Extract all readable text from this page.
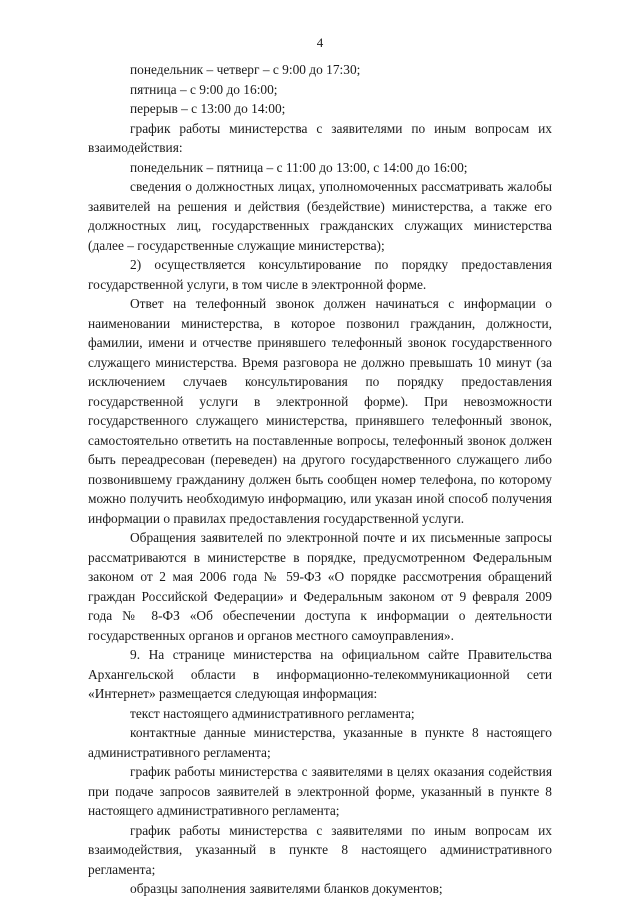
4

понедельник – четверг – с 9:00 до 17:30;

пятница – с 9:00 до 16:00;

перерыв – с 13:00 до 14:00;

график работы министерства с заявителями по иным вопросам их взаимодействия:

понедельник – пятница – с 11:00 до 13:00, с 14:00 до 16:00;

сведения о должностных лицах, уполномоченных рассматривать жалобы заявителей на решения и действия (бездействие) министерства, а также его должностных лиц, государственных гражданских служащих министерства (далее – государственные служащие министерства);

2) осуществляется консультирование по порядку предоставления государственной услуги, в том числе в электронной форме.

Ответ на телефонный звонок должен начинаться с информации о наименовании министерства, в которое позвонил гражданин, должности, фамилии, имени и отчестве принявшего телефонный звонок государственного служащего министерства. Время разговора не должно превышать 10 минут (за исключением случаев консультирования по порядку предоставления государственной услуги в электронной форме). При невозможности государственного служащего министерства, принявшего телефонный звонок, самостоятельно ответить на поставленные вопросы, телефонный звонок должен быть переадресован (переведен) на другого государственного служащего либо позвонившему гражданину должен быть сообщен номер телефона, по которому можно получить необходимую информацию, или указан иной способ получения информации о правилах предоставления государственной услуги.

Обращения заявителей по электронной почте и их письменные запросы рассматриваются в министерстве в порядке, предусмотренном Федеральным законом от 2 мая 2006 года № 59-ФЗ «О порядке рассмотрения обращений граждан Российской Федерации» и Федеральным законом от 9 февраля 2009 года № 8-ФЗ «Об обеспечении доступа к информации о деятельности государственных органов и органов местного самоуправления».

9. На странице министерства на официальном сайте Правительства Архангельской области в информационно-телекоммуникационной сети «Интернет» размещается следующая информация:

текст настоящего административного регламента;

контактные данные министерства, указанные в пункте 8 настоящего административного регламента;

график работы министерства с заявителями в целях оказания содействия при подаче запросов заявителей в электронной форме, указанный в пункте 8 настоящего административного регламента;

график работы министерства с заявителями по иным вопросам их взаимодействия, указанный в пункте 8 настоящего административного регламента;

образцы заполнения заявителями бланков документов;
